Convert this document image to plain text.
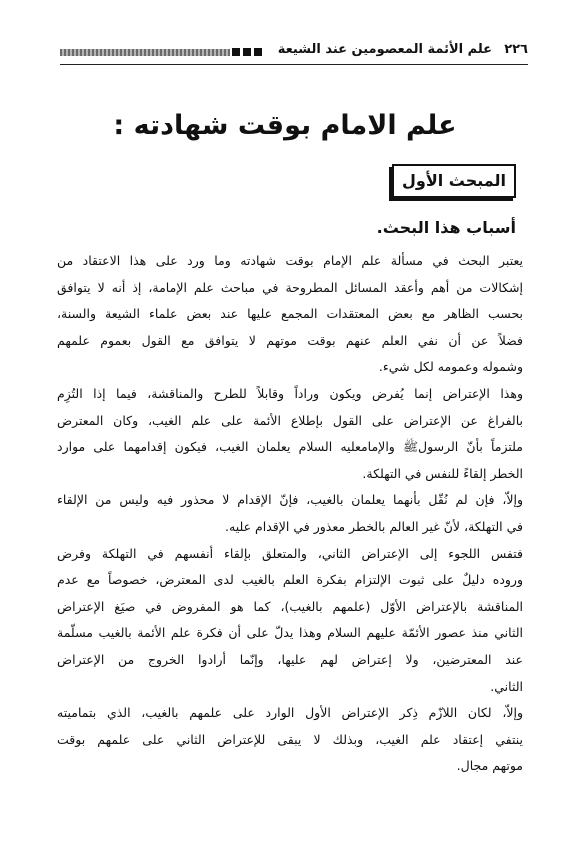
علم الأئمة المعصومين عند الشيعة ٢٢٦
علم الامام بوقت شهادته :
المبحث الأول
أسباب هذا البحث.
يعتبر البحث في مسألة علم الإمام بوقت شهادته وما ورد على هذا الاعتقاد من
إشكالات من أهم وأعقد المسائل المطروحة في مباحث علم الإمامة، إذ أنه لا يتوافق
بحسب الظاهر مع بعض المعتقدات المجمع عليها عند بعض علماء الشيعة والسنة،
فضلاً عن أن نفي العلم عنهم بوقت موتهم لا يتوافق مع القول بعموم علمهم
وشموله وعمومه لكل شيء.
وهذا الإعتراض إنما يُفرض ويكون وراداً وقابلاً للطرح والمناقشة، فيما إذا التُزِم
بالفراغ عن الإعتراض على القول بإطلاع الأئمة على علم الغيب، وكان المعترض
ملتزماً بأنّ الرسولﷺ والإمامعليه السلام يعلمان الغيب، فيكون إقدامهما على موارد
الخطر إلقاءً للنفس في التهلكة.
وإلاّ، فإن لم نُقّل بأنهما يعلمان بالغيب، فإنّ الإقدام لا محذور فيه وليس من الإلقاء
في التهلكة، لأنّ غير العالم بالخطر معذور في الإقدام عليه.
فتفس اللجوء إلى الإعتراض الثاني، والمتعلق بإلقاء أنفسهم في التهلكة وفرض
وروده دليلٌ على ثبوت الإلتزام بفكرة العلم بالغيب لدى المعترض، خصوصاً مع عدم
المناقشة بالإعتراض الأوّل (علمهم بالغيب)، كما هو المفروض في صيَغ الإعتراض
الثاني منذ عصور الأئمّة عليهم السلام وهذا يدلّ على أن فكرة علم الأئمة بالغيب مسلّمة
عند المعترضين، ولا إعتراض لهم عليها، وإنّما أرادوا الخروج من الإعتراض
الثاني.
وإلاّ، لكان اللازّم ذِكر الإعتراض الأول الوارد على علمهم بالغيب، الذي بتماميته
ينتفي إعتقاد علم الغيب، وبذلك لا يبقى للإعتراض الثاني على علمهم بوقت
موتهم مجال.
